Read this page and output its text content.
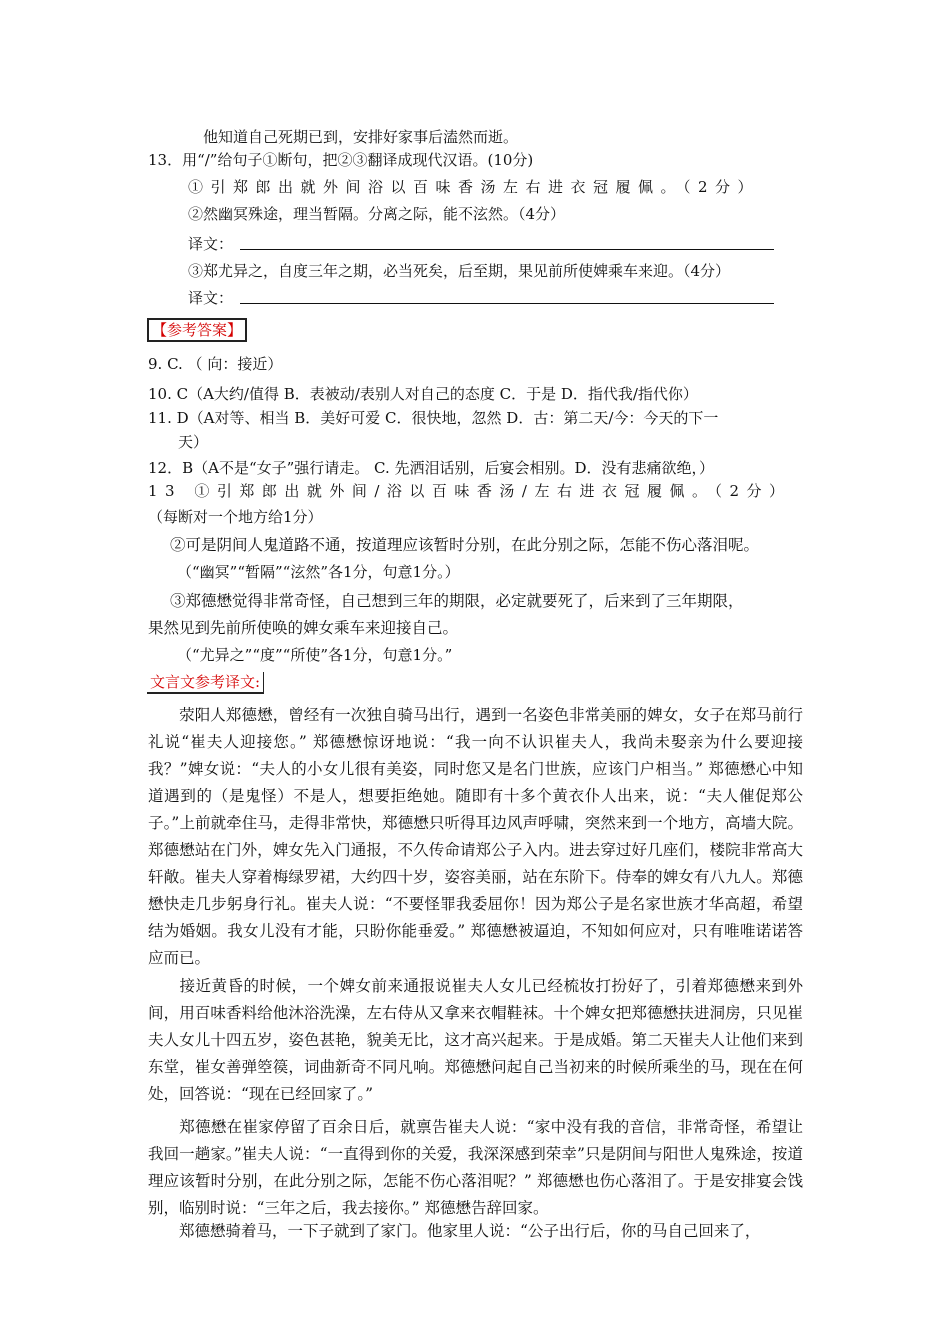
他知道自己死期已到，安排好家事后溘然而逝。
13．用“/”给句子①断句，把②③翻译成现代汉语。(10分)
①引郑郎出就外间浴以百味香汤左右进衣冠履佩。（2分）
②然幽冥殊途，理当暂隔。分离之际，能不泫然。（4分）
译文：
③郑尤异之，自度三年之期，必当死矣，后至期，果见前所使婢乘车来迎。（4分）
译文：
【参考答案】
9. C. （ 向：接近）
10. C（A大约/值得 B．表被动/表别人对自己的态度 C．于是 D．指代我/指代你）
11. D（A对等、相当 B．美好可爱 C．很快地，忽然 D．古：第二天/今：今天的下一
天）
12．B（A不是“女子”强行请走。 C. 先洒泪话别，后宴会相别。D．没有悲痛欲绝，）
13 ①引郑郎出就外间/浴以百味香汤/左右进衣冠履佩。（2分）
（每断对一个地方给1分）
②可是阴间人鬼道路不通，按道理应该暂时分别，在此分别之际，怎能不伤心落泪呢。
（“幽冥”“暂隔”“泫然”各1分，句意1分。）
③郑德懋觉得非常奇怪，自己想到三年的期限，必定就要死了，后来到了三年期限，
果然见到先前所使唤的婢女乘车来迎接自己。
（“尤异之”“度”“所使”各1分，句意1分。”
文言文参考译文:
荥阳人郑德懋，曾经有一次独自骑马出行，遇到一名姿色非常美丽的婢女，女子在郑马前行礼说“崔夫人迎接您。” 郑德懋惊讶地说：“我一向不认识崔夫人，我尚未娶亲为什么要迎接我？”婢女说：“夫人的小女儿很有美姿，同时您又是名门世族，应该门户相当。” 郑德懋心中知道遇到的（是鬼怪）不是人，想要拒绝她。随即有十多个黄衣仆人出来，说：“夫人催促郑公子。”上前就牵住马，走得非常快，郑德懋只听得耳边风声呼啸，突然来到一个地方，高墙大院。郑德懋站在门外，婢女先入门通报，不久传命请郑公子入内。进去穿过好几座们，楼院非常高大轩敞。崔夫人穿着梅绿罗裙，大约四十岁，姿容美丽，站在东阶下。侍奉的婢女有八九人。郑德懋快走几步躬身行礼。崔夫人说：“不要怪罪我委屈你！因为郑公子是名家世族才华高超，希望结为婚姻。我女儿没有才能，只盼你能垂爱。” 郑德懋被逼迫，不知如何应对，只有唯唯诺诺答应而已。
接近黄昏的时候，一个婢女前来通报说崔夫人女儿已经梳妆打扮好了，引着郑德懋来到外间，用百味香料给他沐浴洗澡，左右侍从又拿来衣帽鞋袜。十个婢女把郑德懋扶进洞房，只见崔夫人女儿十四五岁，姿色甚艳，貌美无比，这才高兴起来。于是成婚。第二天崔夫人让他们来到东堂，崔女善弹箜篌，词曲新奇不同凡响。郑德懋问起自己当初来的时候所乘坐的马，现在在何处，回答说：“现在已经回家了。”
郑德懋在崔家停留了百余日后，就禀告崔夫人说：“家中没有我的音信，非常奇怪，希望让我回一趟家。”崔夫人说：“一直得到你的关爱，我深深感到荣幸”只是阴间与阳世人鬼殊途，按道理应该暂时分别，在此分别之际，怎能不伤心落泪呢？” 郑德懋也伤心落泪了。于是安排宴会饯别，临别时说：“三年之后，我去接你。” 郑德懋告辞回家。
郑德懋骑着马，一下子就到了家门。他家里人说：“公子出行后，你的马自己回来了，
